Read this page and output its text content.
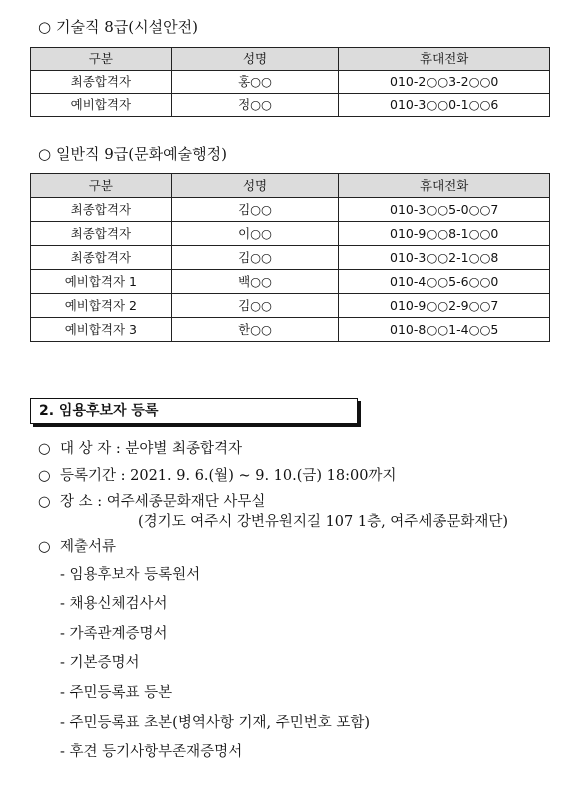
○ 기술직 8급(시설안전)
구분	성명	휴대전화
최종합격자	홍○○	010-2○○3-2○○0
예비합격자	정○○	010-3○○0-1○○6
○ 일반직 9급(문화예술행정)
구분	성명	휴대전화
최종합격자	김○○	010-3○○5-0○○7
최종합격자	이○○	010-9○○8-1○○0
최종합격자	김○○	010-3○○2-1○○8
예비합격자 1	백○○	010-4○○5-6○○0
예비합격자 2	김○○	010-9○○2-9○○7
예비합격자 3	한○○	010-8○○1-4○○5
2. 임용후보자 등록
○ 대 상 자 : 분야별 최종합격자
○ 등록기간 : 2021. 9. 6.(월) ~ 9. 10.(금) 18:00까지
○ 장 소 : 여주세종문화재단 사무실
(경기도 여주시 강변유원지길 107 1층, 여주세종문화재단)
○ 제출서류
- 임용후보자 등록원서
- 채용신체검사서
- 가족관계증명서
- 기본증명서
- 주민등록표 등본
- 주민등록표 초본(병역사항 기재, 주민번호 포함)
- 후견 등기사항부존재증명서
